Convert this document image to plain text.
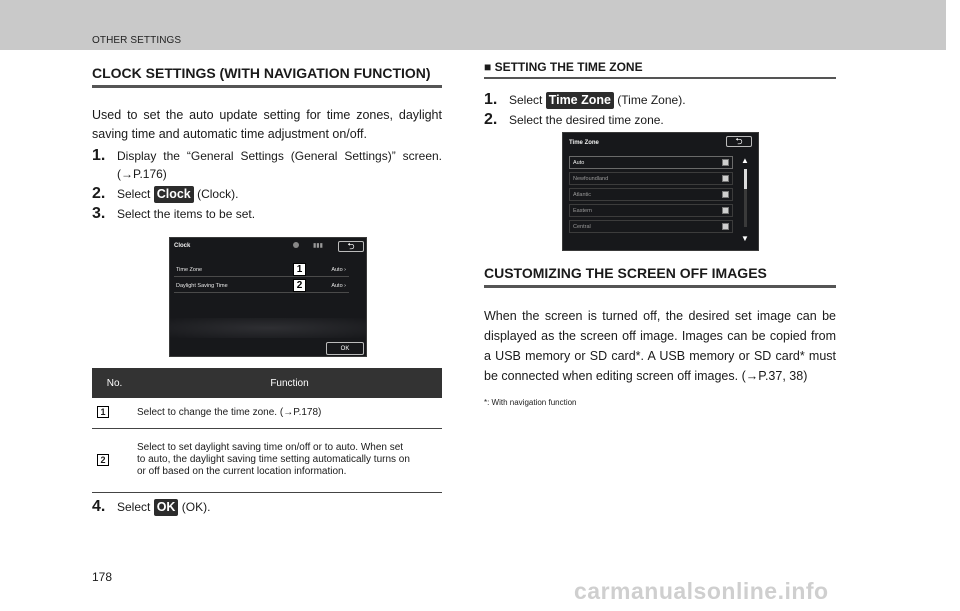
OTHER SETTINGS
CLOCK SETTINGS (WITH NAVIGATION FUNCTION)

Used to set the auto update setting for time zones, daylight saving time and automatic time adjustment on/off.

1. Display the “General Settings (General Settings)” screen. (→P.176)
2. Select Clock (Clock).
3. Select the items to be set.
Clock	▮▮▮	⮌
Time Zone	Auto ›
Daylight Saving Time	Auto ›
1
2
OK
No.	Function
1	Select to change the time zone. (→P.178)
2	Select to set daylight saving time on/off or to auto. When set to auto, the daylight saving time setting automatically turns on or off based on the current location information.
4. Select OK (OK).
■ SETTING THE TIME ZONE
1. Select Time Zone (Time Zone).
2. Select the desired time zone.
Time Zone	⮌
Auto
Newfoundland
Atlantic
Eastern
Central
▲
▼
CUSTOMIZING THE SCREEN OFF IMAGES

When the screen is turned off, the desired set image can be displayed as the screen off image. Images can be copied from a USB memory or SD card*. A USB memory or SD card* must be connected when editing screen off images. (→P.37, 38)

*: With navigation function
178
carmanualsonline.info
